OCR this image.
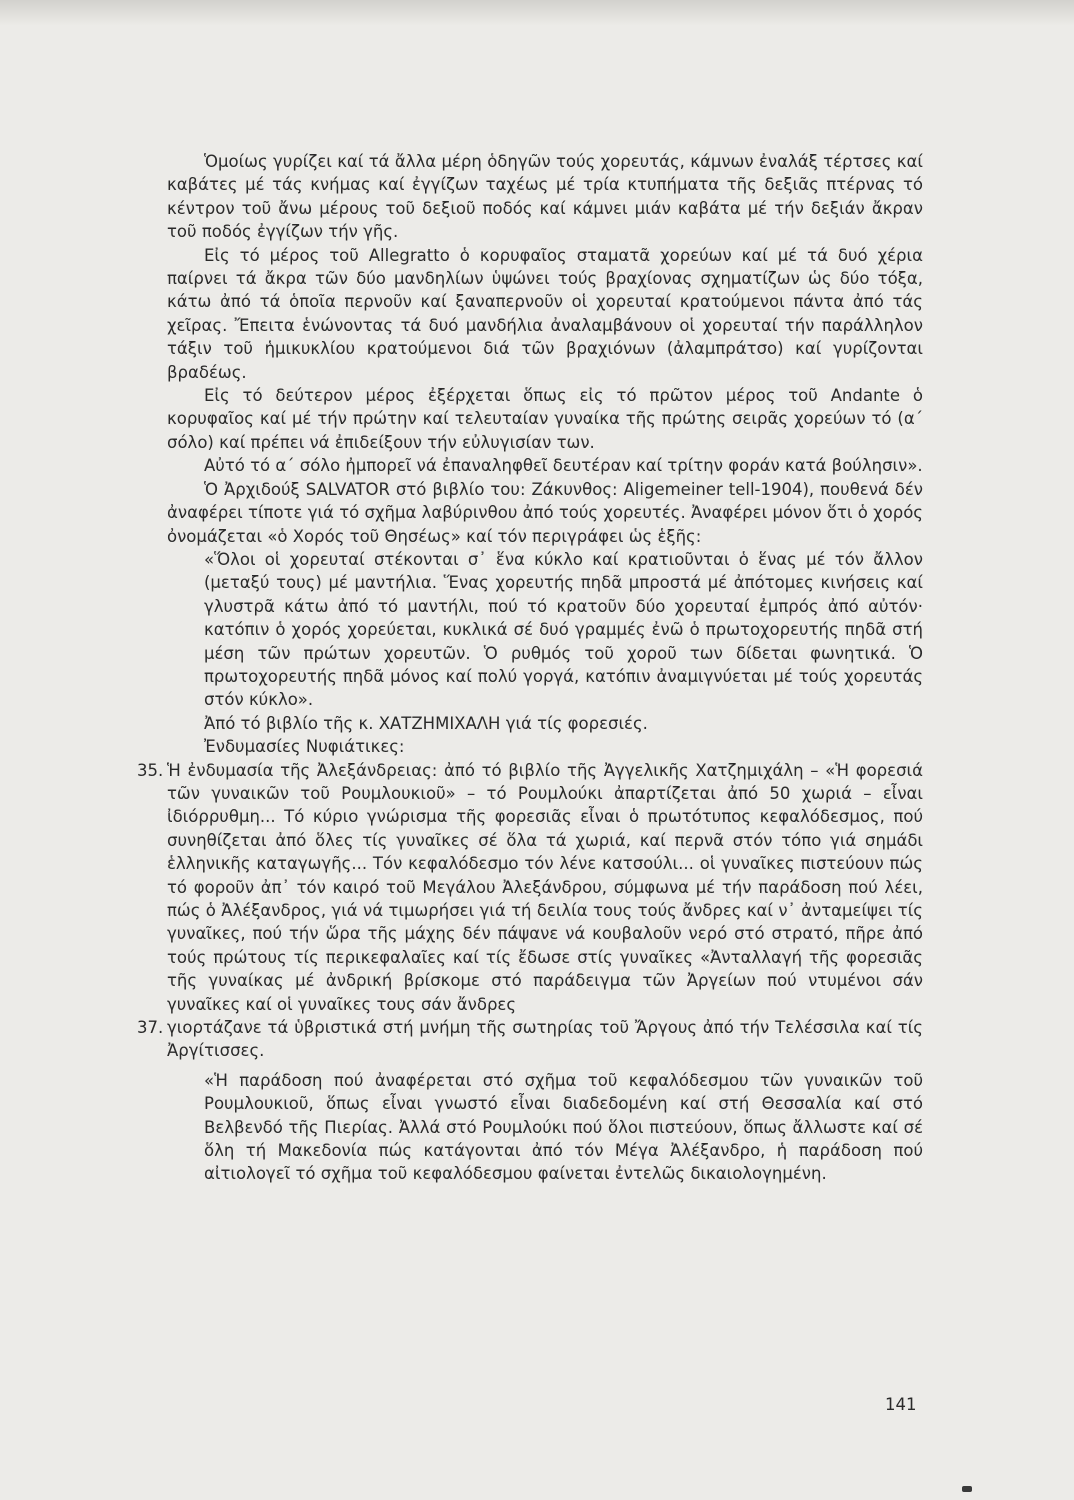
Ὁμοίως γυρίζει καί τά ἄλλα μέρη ὁδηγῶν τούς χορευτάς, κάμνων ἐναλάξ τέρτσες καί καβάτες μέ τάς κνήμας καί ἐγγίζων ταχέως μέ τρία κτυπήματα τῆς δεξιᾶς πτέρνας τό κέντρον τοῦ ἄνω μέρους τοῦ δεξιοῦ ποδός καί κάμνει μιάν καβάτα μέ τήν δεξιάν ἄκραν τοῦ ποδός ἐγγίζων τήν γῆς.

Εἰς τό μέρος τοῦ Allegratto ὁ κορυφαῖος σταματᾶ χορεύων καί μέ τά δυό χέρια παίρνει τά ἄκρα τῶν δύο μανδηλίων ὑψώνει τούς βραχίονας σχηματίζων ὡς δύο τόξα, κάτω ἀπό τά ὁποῖα περνοῦν καί ξαναπερνοῦν οἱ χορευταί κρατούμενοι πάντα ἀπό τάς χεῖρας. Ἔπειτα ἑνώνοντας τά δυό μανδήλια ἀναλαμβάνουν οἱ χορευταί τήν παράλληλον τάξιν τοῦ ἡμικυκλίου κρατούμενοι διά τῶν βραχιόνων (ἀλαμπράτσο) καί γυρίζονται βραδέως.

Εἰς τό δεύτερον μέρος ἐξέρχεται ὅπως εἰς τό πρῶτον μέρος τοῦ Andante ὁ κορυφαῖος καί μέ τήν πρώτην καί τελευταίαν γυναίκα τῆς πρώτης σειρᾶς χορεύων τό (α΄ σόλο) καί πρέπει νά ἐπιδείξουν τήν εὐλυγισίαν των.

Αὐτό τό α΄ σόλο ἠμπορεῖ νά ἐπαναληφθεῖ δευτέραν καί τρίτην φοράν κατά βούλησιν».

Ὁ Ἀρχιδούξ SALVATOR στό βιβλίο του: Ζάκυνθος: Aligemeiner tell-1904), πουθενά δέν ἀναφέρει τίποτε γιά τό σχῆμα λαβύρινθου ἀπό τούς χορευτές. Ἀναφέρει μόνον ὅτι ὁ χορός ὀνομάζεται «ὁ Χορός τοῦ Θησέως» καί τόν περιγράφει ὡς ἑξῆς:

«Ὅλοι οἱ χορευταί στέκονται σ᾽ ἕνα κύκλο καί κρατιοῦνται ὁ ἕνας μέ τόν ἄλλον (μεταξύ τους) μέ μαντήλια. Ἕνας χορευτής πηδᾶ μπροστά μέ ἀπότομες κινήσεις καί γλυστρᾶ κάτω ἀπό τό μαντήλι, πού τό κρατοῦν δύο χορευταί ἐμπρός ἀπό αὐτόν· κατόπιν ὁ χορός χορεύεται, κυκλικά σέ δυό γραμμές ἐνῶ ὁ πρωτοχορευτής πηδᾶ στή μέση τῶν πρώτων χορευτῶν. Ὁ ρυθμός τοῦ χοροῦ των δίδεται φωνητικά. Ὁ πρωτοχορευτής πηδᾶ μόνος καί πολύ γοργά, κατόπιν ἀναμιγνύεται μέ τούς χορευτάς στόν κύκλο».

Ἀπό τό βιβλίο τῆς κ. ΧΑΤΖΗΜΙΧΑΛΗ γιά τίς φορεσιές.

Ἐνδυμασίες Νυφιάτικες:

35. Ἡ ἐνδυμασία τῆς Ἀλεξάνδρειας: ἀπό τό βιβλίο τῆς Ἀγγελικῆς Χατζημιχάλη – «Ἡ φορεσιά τῶν γυναικῶν τοῦ Ρουμλουκιοῦ» – τό Ρουμλούκι ἀπαρτίζεται ἀπό 50 χωριά – εἶναι ἰδιόρρυθμη... Τό κύριο γνώρισμα τῆς φορεσιᾶς εἶναι ὁ πρωτότυπος κεφαλόδεσμος, πού συνηθίζεται ἀπό ὅλες τίς γυναῖκες σέ ὅλα τά χωριά, καί περνᾶ στόν τόπο γιά σημάδι ἑλληνικῆς καταγωγῆς... Τόν κεφαλόδεσμο τόν λένε κατσούλι... οἱ γυναῖκες πιστεύουν πώς τό φοροῦν ἀπ᾽ τόν καιρό τοῦ Μεγάλου Ἀλεξάνδρου, σύμφωνα μέ τήν παράδοση πού λέει, πώς ὁ Ἀλέξανδρος, γιά νά τιμωρήσει γιά τή δειλία τους τούς ἄνδρες καί ν᾽ ἀνταμείψει τίς γυναῖκες, πού τήν ὥρα τῆς μάχης δέν πάψανε νά κουβαλοῦν νερό στό στρατό, πῆρε ἀπό τούς πρώτους τίς περικεφαλαῖες καί τίς ἔδωσε στίς γυναῖκες «Ἀνταλλαγή τῆς φορεσιᾶς τῆς γυναίκας μέ ἀνδρική βρίσκομε στό παράδειγμα τῶν Ἀργείων πού ντυμένοι σάν γυναῖκες καί οἱ γυναῖκες τους σάν ἄνδρες
37. γιορτάζανε τά ὑβριστικά στή μνήμη τῆς σωτηρίας τοῦ Ἄργους ἀπό τήν Τελέσσιλα καί τίς Ἀργίτισσες.

«Ἡ παράδοση πού ἀναφέρεται στό σχῆμα τοῦ κεφαλόδεσμου τῶν γυναικῶν τοῦ Ρουμλουκιοῦ, ὅπως εἶναι γνωστό εἶναι διαδεδομένη καί στή Θεσσαλία καί στό Βελβενδό τῆς Πιερίας. Ἀλλά στό Ρουμλούκι πού ὅλοι πιστεύουν, ὅπως ἄλλωστε καί σέ ὅλη τή Μακεδονία πώς κατάγονται ἀπό τόν Μέγα Ἀλέξανδρο, ἡ παράδοση πού αἰτιολογεῖ τό σχῆμα τοῦ κεφαλόδεσμου φαίνεται ἐντελῶς δικαιολογημένη.

141
